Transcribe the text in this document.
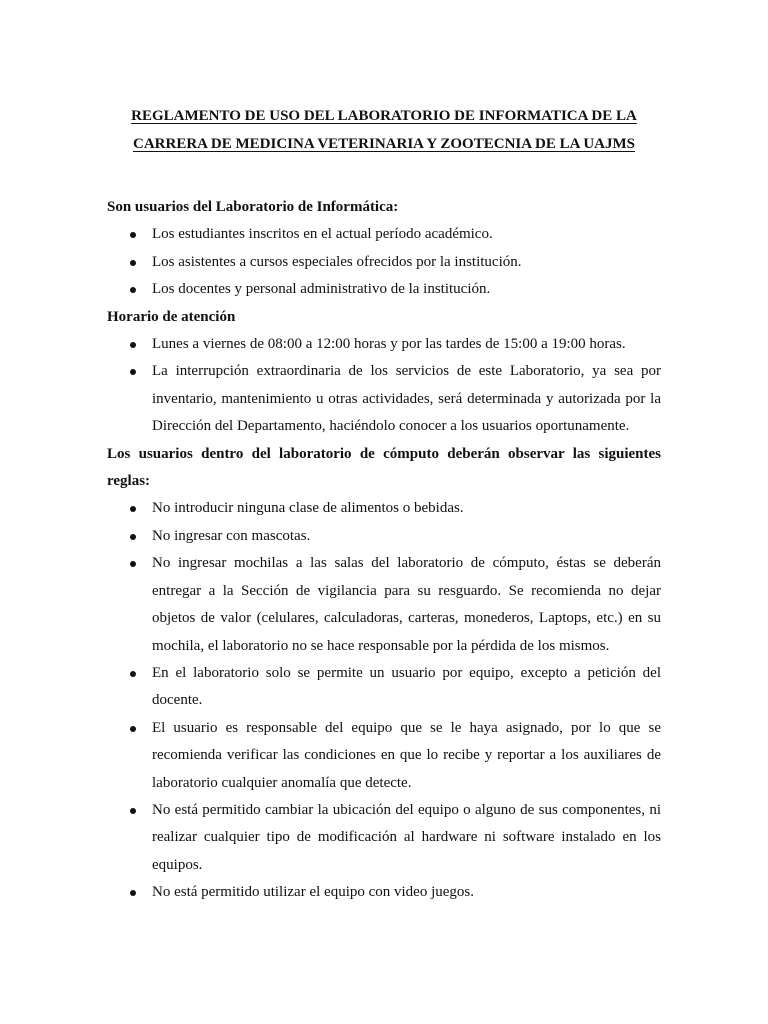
REGLAMENTO DE USO DEL LABORATORIO DE INFORMATICA DE LA
CARRERA DE MEDICINA VETERINARIA Y ZOOTECNIA DE LA UAJMS

Son usuarios del Laboratorio de Informática:

Los estudiantes inscritos en el actual período académico.
Los asistentes a cursos especiales ofrecidos por la institución.
Los docentes y personal administrativo de la institución.

Horario de atención

Lunes a viernes de 08:00 a 12:00 horas y por las tardes de 15:00 a 19:00 horas.
La interrupción extraordinaria de los servicios de este Laboratorio, ya sea por inventario, mantenimiento u otras actividades, será determinada y autorizada por la Dirección del Departamento, haciéndolo conocer a los usuarios oportunamente.

Los usuarios dentro del laboratorio de cómputo deberán observar las siguientes reglas:

No introducir ninguna clase de alimentos o bebidas.
No ingresar con mascotas.
No ingresar mochilas a las salas del laboratorio de cómputo, éstas se deberán entregar a la Sección de vigilancia para su resguardo. Se recomienda no dejar objetos de valor (celulares, calculadoras, carteras, monederos, Laptops, etc.) en su mochila, el laboratorio no se hace responsable por la pérdida de los mismos.
En el laboratorio solo se permite un usuario por equipo, excepto a petición del docente.
El usuario es responsable del equipo que se le haya asignado, por lo que se recomienda verificar las condiciones en que lo recibe y reportar a los auxiliares de laboratorio cualquier anomalía que detecte.
No está permitido cambiar la ubicación del equipo o alguno de sus componentes, ni realizar cualquier tipo de modificación al hardware ni software instalado en los equipos.
No está permitido utilizar el equipo con video juegos.
